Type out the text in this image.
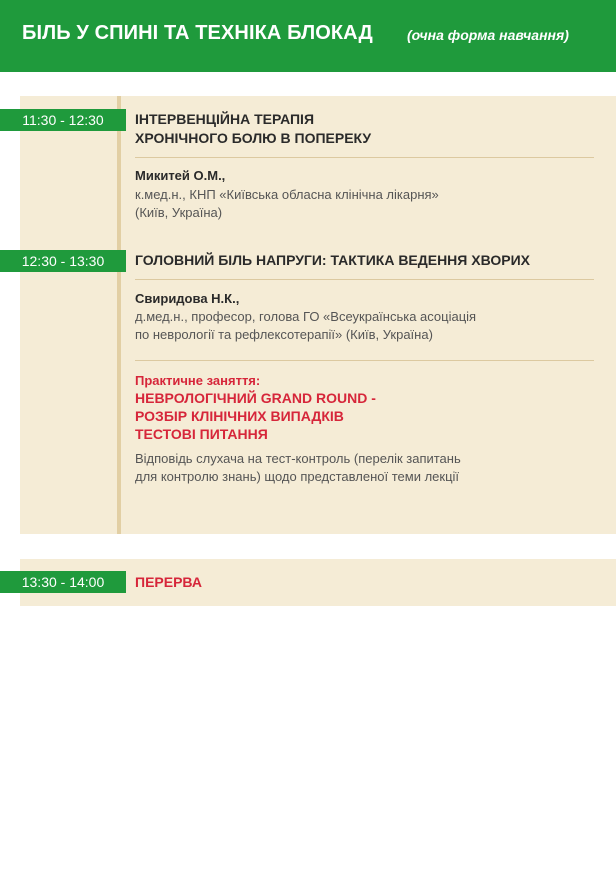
БІЛЬ У СПИНІ ТА ТЕХНІКА БЛОКАД (очна форма навчання)
11:30 - 12:30	ІНТЕРВЕНЦІЙНА ТЕРАПІЯ
ХРОНІЧНОГО БОЛЮ В ПОПЕРЕКУ
Микитей О.М.,

к.мед.н., КНП «Київська обласна клінічна лікарня»
(Київ, Україна)

12:30 - 13:30	ГОЛОВНИЙ БІЛЬ НАПРУГИ: ТАКТИКА ВЕДЕННЯ ХВОРИХ
Свиридова Н.К.,

д.мед.н., професор, голова ГО «Всеукраїнська асоціація
по неврології та рефлексотерапії» (Київ, Україна)

Практичне заняття:

НЕВРОЛОГІЧНИЙ GRAND ROUND -
РОЗБІР КЛІНІЧНИХ ВИПАДКІВ
ТЕСТОВІ ПИТАННЯ

Відповідь слухача на тест-контроль (перелік запитань
для контролю знань) щодо представленої теми лекції

13:30 - 14:00	ПЕРЕРВА
